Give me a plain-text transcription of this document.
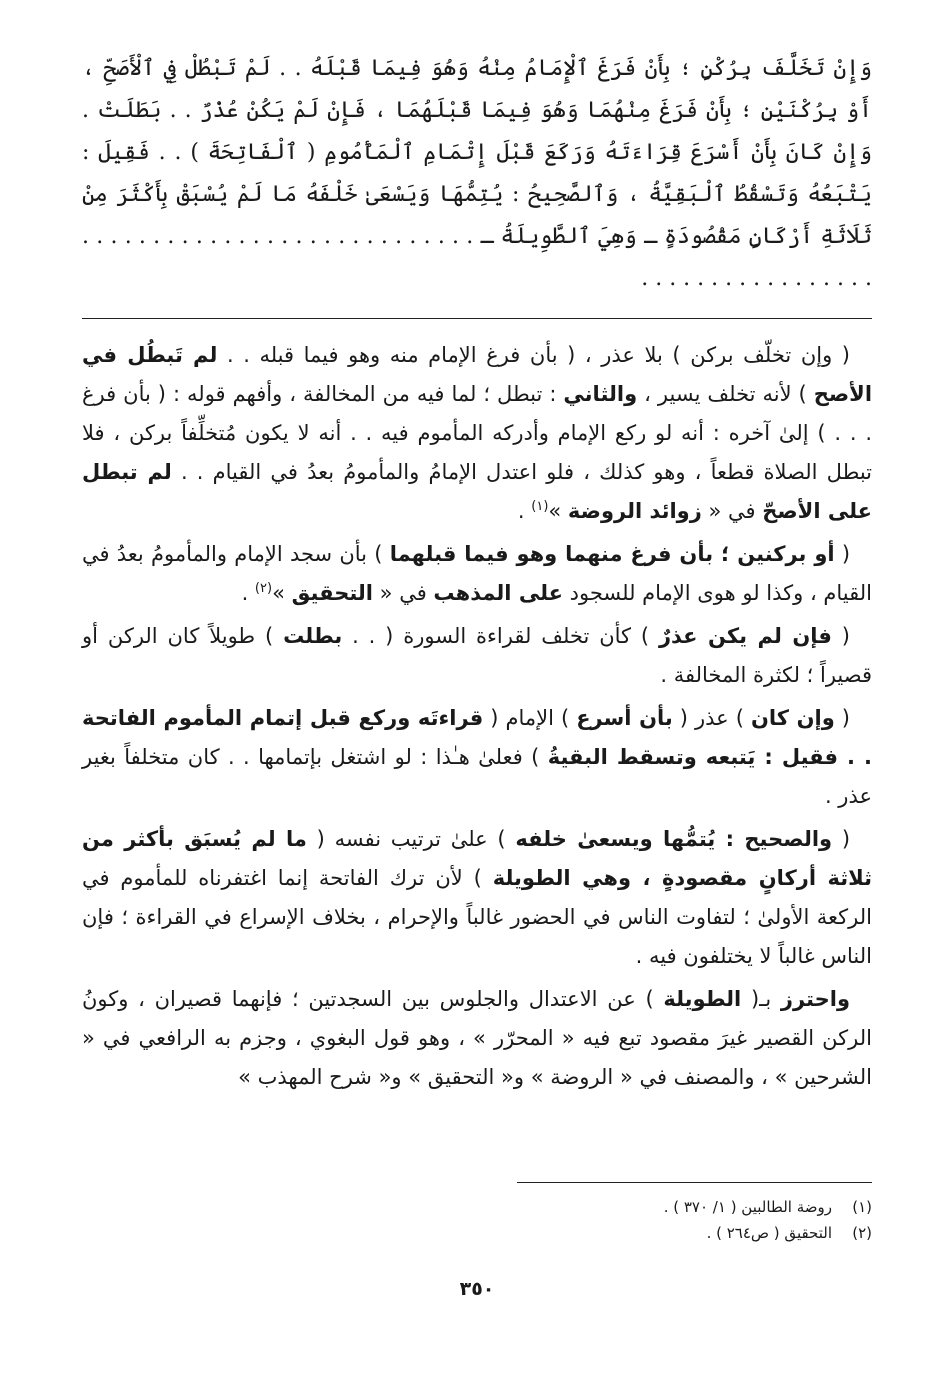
وَإِنْ تَخَلَّفَ بِرُكْنٍ ؛ بِأَنْ فَرَغَ ٱلْإِمَامُ مِنْهُ وَهُوَ فِيمَا قَبْلَهُ . . لَمْ تَبْطُلْ فِي ٱلْأَصَحِّ ، أَوْ بِرُكْنَيْنِ ؛ بِأَنْ فَرَغَ مِنْهُمَا وَهُوَ فِيمَا قَبْلَهُمَا ، فَإِنْ لَمْ يَكُنْ عُذْرٌ . . بَطَلَتْ . وَإِنْ كَانَ بِأَنْ أَسْرَعَ قِرَاءَتَهُ وَرَكَعَ قَبْلَ إِتْمَامِ ٱلْمَأْمُومِ ( ٱلْفَاتِحَةَ ) . . فَقِيلَ : يَتْبَعُهُ وَتَسْقُطُ ٱلْبَقِيَّةُ ، وَٱلصَّحِيحُ : يُتِمُّهَا وَيَسْعَىٰ خَلْفَهُ مَا لَمْ يُسْبَقْ بِأَكْثَرَ مِنْ ثَلَاثَةِ أَرْكَانٍ مَقْصُودَةٍ ـ وَهِيَ ٱلطَّوِيلَةُ ـ . . . . . . . . . . . . . . . . . . . . . . . . . . . . . . . . . . . . . . . . . . . . .

( وإن تخلّف بركن ) بلا عذر ، ( بأن فرغ الإمام منه وهو فيما قبله . . لم تَبطُل في الأصح ) لأنه تخلف يسير ، والثاني : تبطل ؛ لما فيه من المخالفة ، وأفهم قوله : ( بأن فرغ . . . ) إلىٰ آخره : أنه لو ركع الإمام وأدركه المأموم فيه . . أنه لا يكون مُتخلِّفاً بركن ، فلا تبطل الصلاة قطعاً ، وهو كذلك ، فلو اعتدل الإمامُ والمأمومُ بعدُ في القيام . . لم تبطل على الأصحّ في « زوائد الروضة »$^{(١)}$ .

( أو بركنين ؛ بأن فرغ منهما وهو فيما قبلهما ) بأن سجد الإمام والمأمومُ بعدُ في القيام ، وكذا لو هوى الإمام للسجود على المذهب في « التحقيق »$^{(٢)}$ .

( فإن لم يكن عذرٌ ) كأن تخلف لقراءة السورة ( . . بطلت ) طويلاً كان الركن أو قصيراً ؛ لكثرة المخالفة .

( وإن كان ) عذر ( بأن أسرع ) الإمام ( قراءتَه وركع قبل إتمام المأموم الفاتحة . . فقيل : يَتبعه وتسقط البقيةُ ) فعلىٰ هـٰذا : لو اشتغل بإتمامها . . كان متخلفاً بغير عذر .

( والصحيح : يُتمُّها ويسعىٰ خلفه ) علىٰ ترتيب نفسه ( ما لم يُسبَق بأكثر من ثلاثة أركانٍ مقصودةٍ ، وهي الطويلة ) لأن ترك الفاتحة إنما اغتفرناه للمأموم في الركعة الأولىٰ ؛ لتفاوت الناس في الحضور غالباً والإحرام ، بخلاف الإسراع في القراءة ؛ فإن الناس غالباً لا يختلفون فيه .

واحترز بـ( الطويلة ) عن الاعتدال والجلوس بين السجدتين ؛ فإنهما قصيران ، وكونُ الركن القصير غيرَ مقصود تبع فيه « المحرّر » ، وهو قول البغوي ، وجزم به الرافعي في « الشرحين » ، والمصنف في « الروضة » و« التحقيق » و« شرح المهذب »

(١)روضة الطالبين ( ١/ ٣٧٠ ) .
(٢)التحقيق ( ص٢٦٤ ) .
٣٥٠
